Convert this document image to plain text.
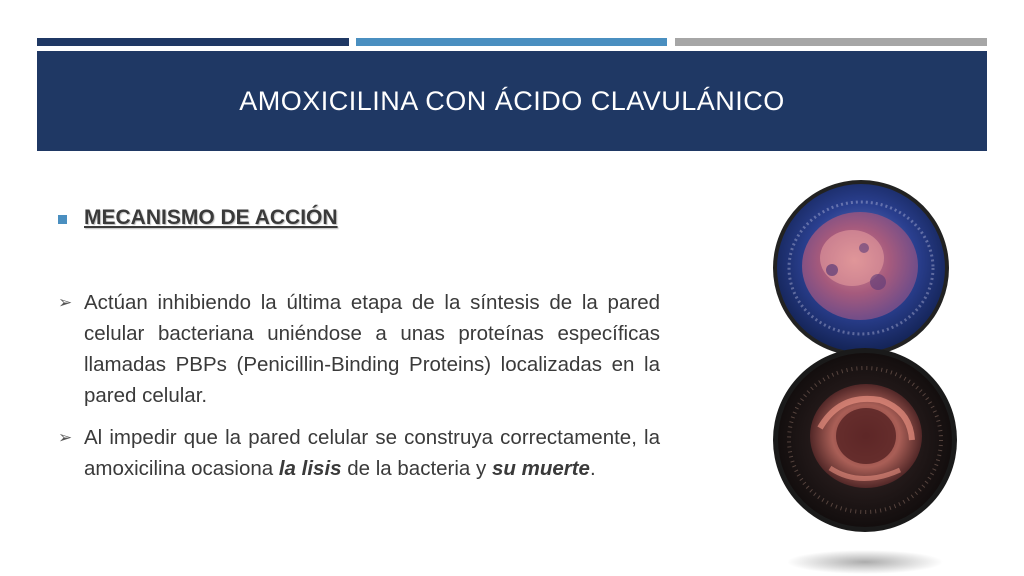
AMOXICILINA CON ÁCIDO CLAVULÁNICO
MECANISMO DE ACCIÓN
➢ Actúan inhibiendo la última etapa de la síntesis de la pared celular bacteriana uniéndose a unas proteínas específicas llamadas PBPs (Penicillin-Binding Proteins) localizadas en la pared celular.
➢ Al impedir que la pared celular se construya correctamente, la amoxicilina ocasiona la lisis de la bacteria y su muerte.
